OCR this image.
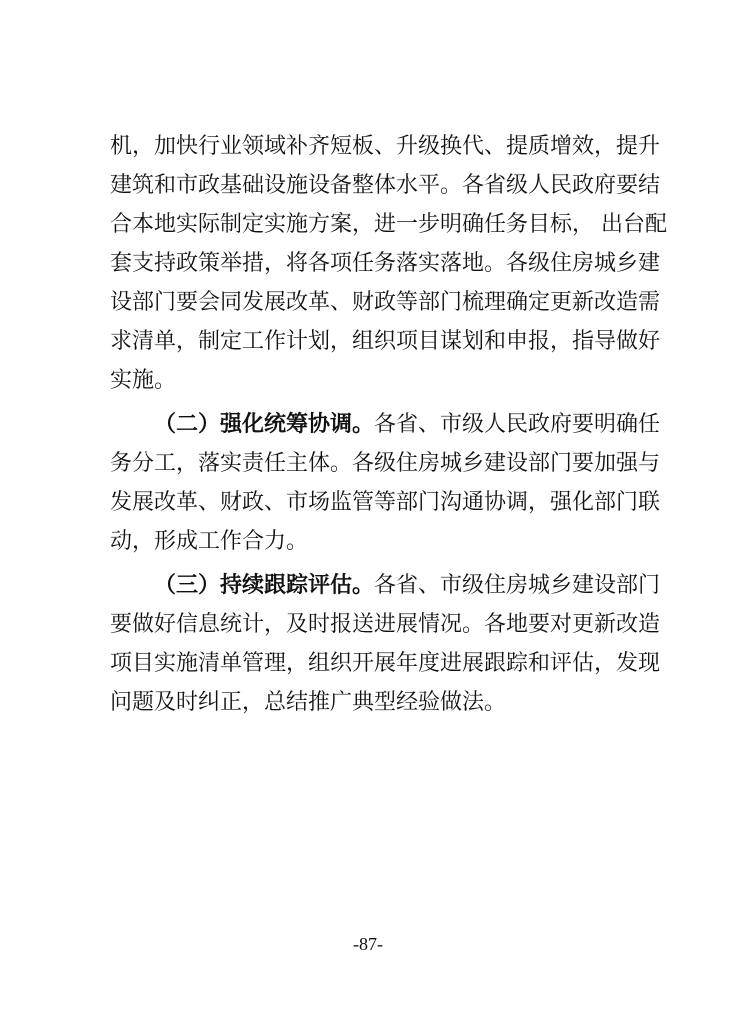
机，加快行业领域补齐短板、升级换代、提质增效，提升
建筑和市政基础设施设备整体水平。各省级人民政府要结
合本地实际制定实施方案，进一步明确任务目标， 出台配
套支持政策举措，将各项任务落实落地。各级住房城乡建
设部门要会同发展改革、财政等部门梳理确定更新改造需
求清单，制定工作计划，组织项目谋划和申报，指导做好
实施。
（二）强化统筹协调。各省、市级人民政府要明确任
务分工，落实责任主体。各级住房城乡建设部门要加强与
发展改革、财政、市场监管等部门沟通协调，强化部门联
动，形成工作合力。
（三）持续跟踪评估。各省、市级住房城乡建设部门
要做好信息统计，及时报送进展情况。各地要对更新改造
项目实施清单管理，组织开展年度进展跟踪和评估，发现
问题及时纠正，总结推广典型经验做法。
-87-
